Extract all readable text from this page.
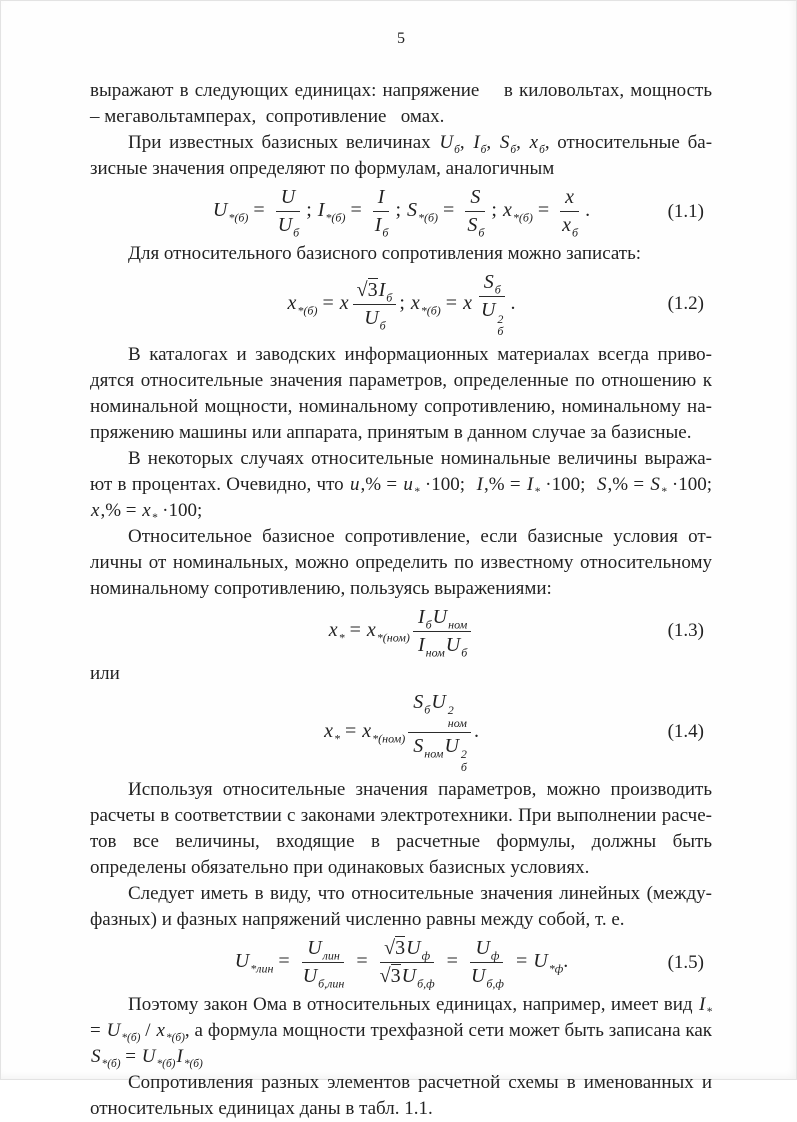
5

выражают в следующих единицах: напряжение    в киловольтах, мощность – мегавольтамперах,  сопротивление   омах.

При известных базисных величинах $U_б$, $I_б$, $S_б$, $x_б$, относительные базисные значения определяют по формулам, аналогичным

$U_{*(б)} = \frac{U}{U_б}$ ; $I_{*(б)} = \frac{I}{I_б}$ ; $S_{*(б)} = \frac{S}{S_б}$ ; $x_{*(б)} = \frac{x}{x_б}$ .	(1.1)

Для относительного базисного сопротивления можно записать:

$x_{*(б)} = x \frac{√3I_б}{U_б}$ ; $x_{*(б)} = x$ $S_б$
U 2
б .	(1.2)

В каталогах и заводских информационных материалах всегда приводятся относительные значения параметров, определенные по отношению к номинальной мощности, номинальному сопротивлению, номинальному напряжению машины или аппарата, принятым в данном случае за базисные.

В некоторых случаях относительные номинальные величины выражают в процентах. Очевидно, что $u,\% = u_* \cdot 100$;  $I,\% = I_* \cdot 100$;  $S,\% = S_* \cdot 100$; $x,\% = x_* \cdot 100$;

Относительное базисное сопротивление, если базисные условия отличны от номинальных, можно определить по известному относительному номинальному сопротивлению, пользуясь выражениями:

$x_* = x_{*(ном)} \frac{I_бU_{ном}}{I_{ном}U_б}$	(1.3)

или

$x_* = x_{*(ном)}$ $S_бU$ 2
ном
$S_{ном}U$ 2
б .	(1.4)

Используя относительные значения параметров, можно производить расчеты в соответствии с законами электротехники. При выполнении расчетов все величины, входящие в расчетные формулы, должны быть определены обязательно при одинаковых базисных условиях.

Следует иметь в виду, что относительные значения линейных (междуфазных) и фазных напряжений численно равны между собой, т. е.

$U_{*лин} = \frac{U_{лин}}{U_{б,лин}} = \frac{√3U_ф}{√3U_{б,ф}} = \frac{U_ф}{U_{б,ф}} = U_{*ф}$.	(1.5)

Поэтому закон Ома в относительных единицах, например, имеет вид $I_* = U_{*(б)} / x_{*(б)}$, а формула мощности трехфазной сети может быть записана как $S_{*(б)} = U_{*(б)}I_{*(б)}$

Сопротивления разных элементов расчетной схемы в именованных и относительных единицах даны в табл. 1.1.
